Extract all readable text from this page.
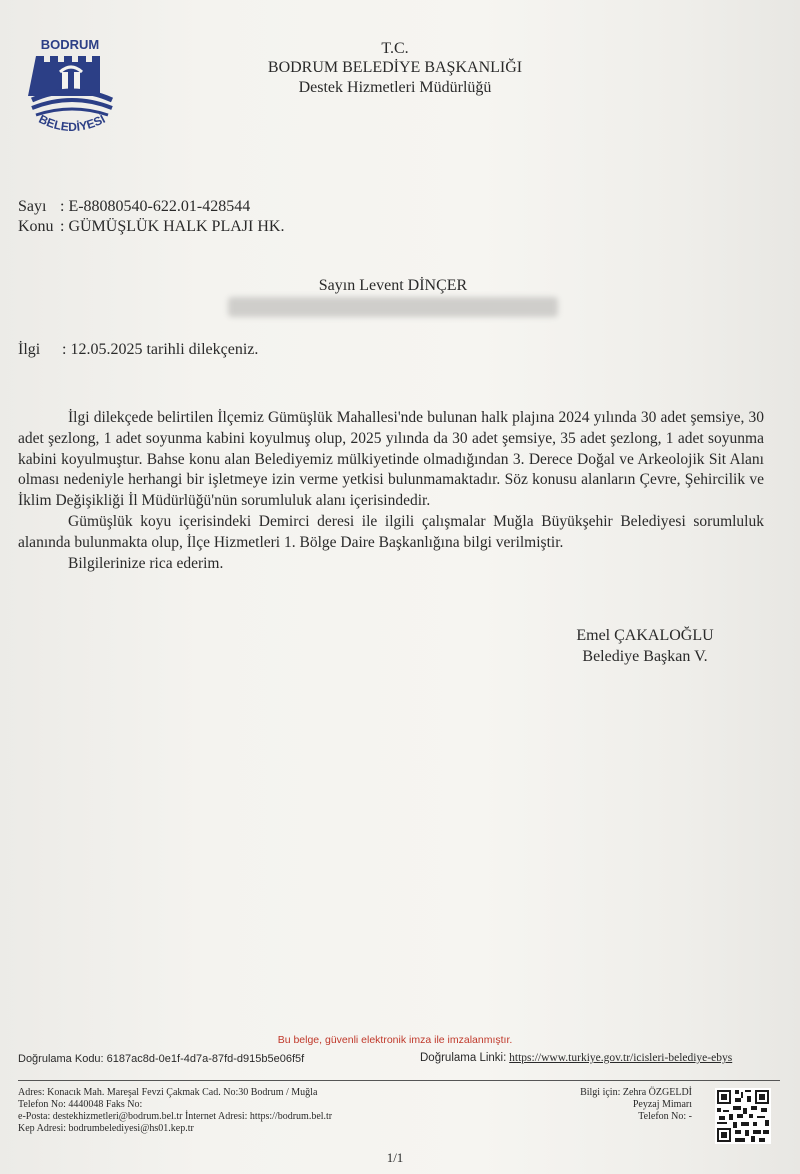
BODRUM
BELEDİYESİ
T.C.
BODRUM BELEDİYE BAŞKANLIĞI
Destek Hizmetleri Müdürlüğü
Sayı : E-88080540-622.01-428544
Konu : GÜMÜŞLÜK HALK PLAJI HK.
Sayın Levent DİNÇER
İlgi : 12.05.2025 tarihli dilekçeniz.

İlgi dilekçede belirtilen İlçemiz Gümüşlük Mahallesi'nde bulunan halk plajına 2024 yılında 30 adet şemsiye, 30 adet şezlong, 1 adet soyunma kabini koyulmuş olup, 2025 yılında da 30 adet şemsiye, 35 adet şezlong, 1 adet soyunma kabini koyulmuştur. Bahse konu alan Belediyemiz mülkiyetinde olmadığından 3. Derece Doğal ve Arkeolojik Sit Alanı olması nedeniyle herhangi bir işletmeye izin verme yetkisi bulunmamaktadır. Söz konusu alanların Çevre, Şehircilik ve İklim Değişikliği İl Müdürlüğü'nün sorumluluk alanı içerisindedir.

Gümüşlük koyu içerisindeki Demirci deresi ile ilgili çalışmalar Muğla Büyükşehir Belediyesi sorumluluk alanında bulunmakta olup, İlçe Hizmetleri 1. Bölge Daire Başkanlığına bilgi verilmiştir.

Bilgilerinize rica ederim.

Emel ÇAKALOĞLU
Belediye Başkan V.
Bu belge, güvenli elektronik imza ile imzalanmıştır.
Doğrulama Kodu: 6187ac8d-0e1f-4d7a-87fd-d915b5e06f5f	Doğrulama Linki: https://www.turkiye.gov.tr/icisleri-belediye-ebys
Adres: Konacık Mah. Mareşal Fevzi Çakmak Cad. No:30 Bodrum / Muğla
Telefon No: 4440048 Faks No:
e-Posta: destekhizmetleri@bodrum.bel.tr İnternet Adresi: https://bodrum.bel.tr
Kep Adresi: bodrumbelediyesi@hs01.kep.tr
Bilgi için: Zehra ÖZGELDİ
Peyzaj Mimarı
Telefon No: -
1/1
